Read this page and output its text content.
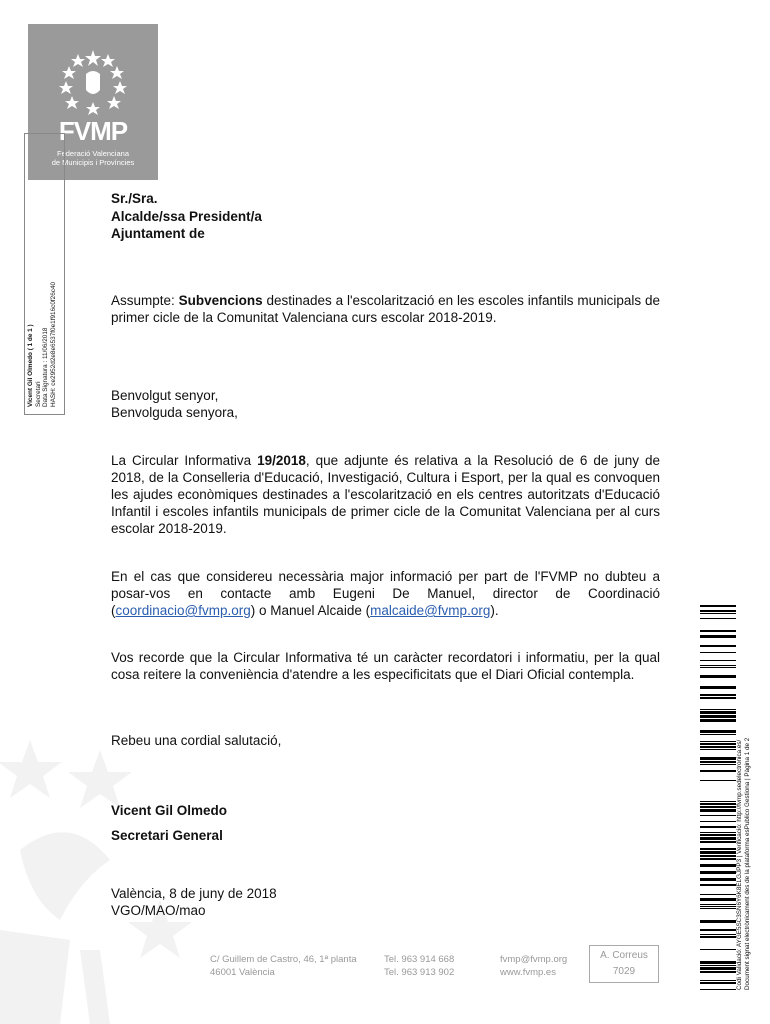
FVMP
Federació Valenciana
de Municipis i Províncies
Vicent Gil Olmedo ( 1 de 1 ) Secretari Data Signatura : 11/06/2018 HASH: ce2952d2e8e6537f0e1f916c0f26c40
Sr./Sra.
Alcalde/ssa President/a
Ajuntament de
Assumpte: Subvencions destinades a l'escolarització en les escoles infantils municipals de primer cicle de la Comunitat Valenciana curs escolar 2018-2019.
Benvolgut senyor,
Benvolguda senyora,
La Circular Informativa 19/2018, que adjunte és relativa a la Resolució de 6 de juny de 2018, de la Conselleria d'Educació, Investigació, Cultura i Esport, per la qual es convoquen les ajudes econòmiques destinades a l'escolarització en els centres autoritzats d'Educació Infantil i escoles infantils municipals de primer cicle de la Comunitat Valenciana per al curs escolar 2018-2019.
En el cas que considereu necessària major informació per part de l'FVMP no dubteu a posar-vos en contacte amb Eugeni De Manuel, director de Coordinació (coordinacio@fvmp.org) o Manuel Alcaide (malcaide@fvmp.org).
Vos recorde que la Circular Informativa té un caràcter recordatori i informatiu, per la qual cosa reitere la conveniència d'atendre a les especificitats que el Diari Oficial contempla.
Rebeu una cordial salutació,
Vicent Gil Olmedo
Secretari General
València, 8 de juny de 2018
VGO/MAO/mao
C/ Guillem de Castro, 46, 1ª planta
46001 València
Tel. 963 914 668
Tel. 963 913 902
fvmp@fvmp.org
www.fvmp.es
A. Correus
7029	Codi Validació: AYGE5SC3SN6Y6K8ELGJPP3 | Verificació: http://fvmp.sedelectronica.es/ Document signat electrònicament des de la plataforma esPublico Gestiona | Pàgina 1 de 2
